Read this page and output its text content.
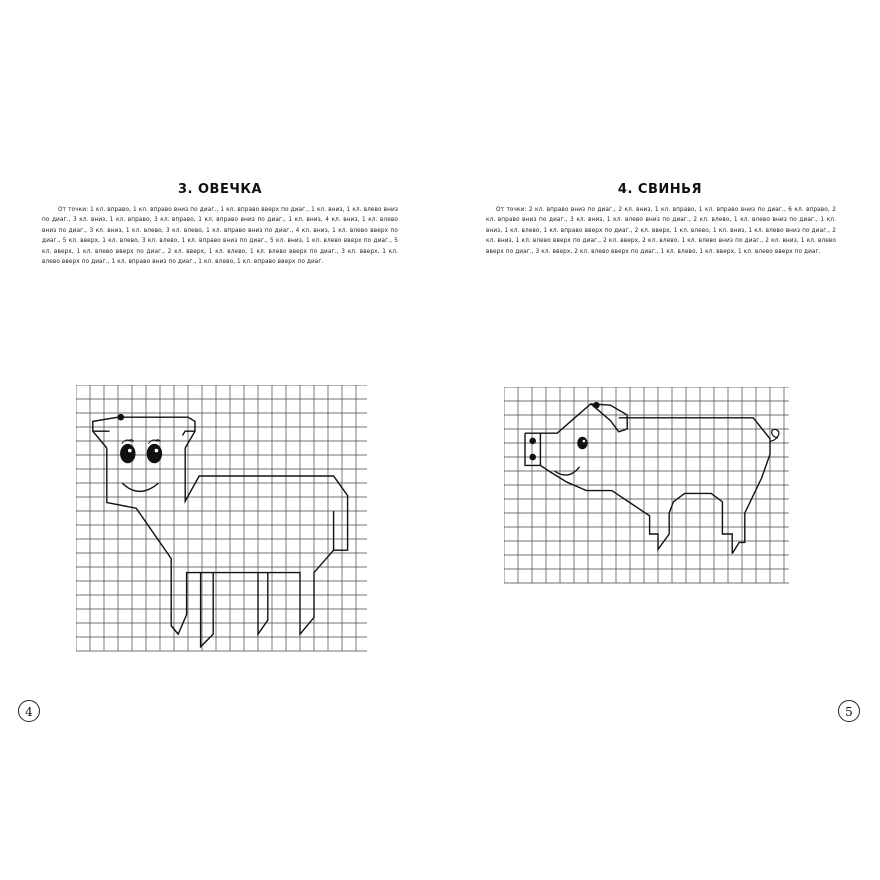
3. ОВЕЧКА

От точки: 1 кл. вправо, 1 кл. вправо вниз по диаг., 1 кл. вправо вверх по диаг., 1 кл. вниз, 1 кл. влево вниз по диаг., 3 кл. вниз, 1 кл. вправо, 3 кл. вправо, 1 кл. вправо вниз по диаг., 1 кл. вниз, 4 кл. вниз, 1 кл. влево вниз по диаг., 3 кл. вниз, 1 кл. влево, 3 кл. влево, 1 кл. вправо вниз по диаг., 4 кл. вниз, 1 кл. влево вверх по диаг., 5 кл. вверх, 1 кл. влево, 3 кл. влево, 1 кл. вправо вниз по диаг., 5 кл. вниз, 1 кл. влево вверх по диаг., 5 кл. вверх, 1 кл. влево вверх по диаг., 2 кл. вверх, 1 кл. влево, 1 кл. влево вверх по диаг., 3 кл. вверх, 1 кл. влево вверх по диаг., 1 кл. вправо вниз по диаг., 1 кл. влево, 1 кл. вправо вверх по диаг.

4
4. СВИНЬЯ

От точки: 2 кл. вправо вниз по диаг., 2 кл. вниз, 1 кл. вправо, 1 кл. вправо вниз по диаг., 6 кл. вправо, 2 кл. вправо вниз по диаг., 3 кл. вниз, 1 кл. влево вниз по диаг., 2 кл. влево, 1 кл. влево вниз по диаг., 1 кл. вниз, 1 кл. влево, 1 кл. вправо вверх по диаг., 2 кл. вверх, 1 кл. влево, 1 кл. вниз, 1 кл. влево вниз по диаг., 2 кл. вниз, 1 кл. влево вверх по диаг., 2 кл. вверх, 2 кл. влево, 1 кл. влево вниз по диаг., 2 кл. вниз, 1 кл. влево вверх по диаг., 3 кл. вверх, 2 кл. влево вверх по диаг., 1 кл. влево, 1 кл. вверх, 1 кл. влево вверх по диаг.

5
